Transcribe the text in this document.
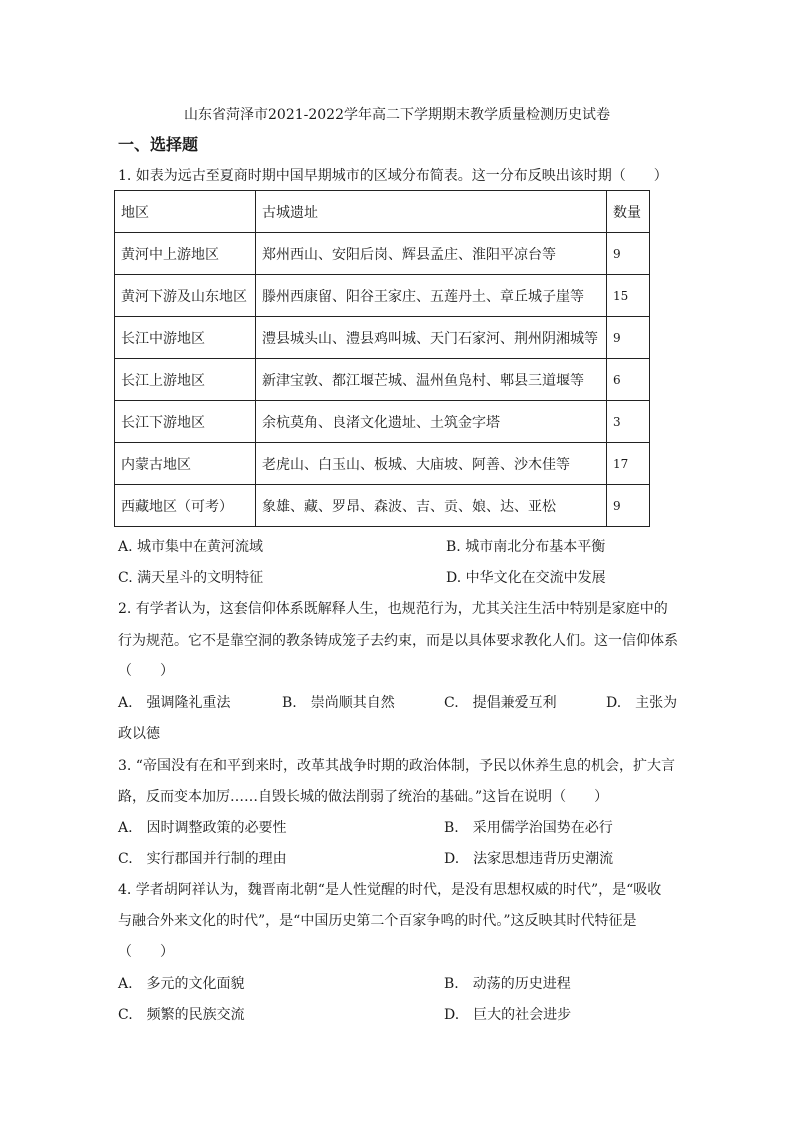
山东省菏泽市2021-2022学年高二下学期期末教学质量检测历史试卷
一、选择题
1. 如表为远古至夏商时期中国早期城市的区域分布简表。这一分布反映出该时期（　　）
地区	古城遗址	数量
黄河中上游地区	郑州西山、安阳后岗、辉县孟庄、淮阳平凉台等	9
黄河下游及山东地区	滕州西康留、阳谷王家庄、五莲丹土、章丘城子崖等	15
长江中游地区	澧县城头山、澧县鸡叫城、天门石家河、荆州阴湘城等	9
长江上游地区	新津宝敦、都江堰芒城、温州鱼凫村、郫县三道堰等	6
长江下游地区	余杭莫角、良渚文化遗址、土筑金字塔	3
内蒙古地区	老虎山、白玉山、板城、大庙坡、阿善、沙木佳等	17
西藏地区（可考）	象雄、藏、罗昂、森波、吉、贡、娘、达、亚松	9
A. 城市集中在黄河流域	B. 城市南北分布基本平衡
C. 满天星斗的文明特征	D. 中华文化在交流中发展
2. 有学者认为，这套信仰体系既解释人生，也规范行为，尤其关注生活中特别是家庭中的
行为规范。它不是靠空洞的教条铸成笼子去约束，而是以具体要求教化人们。这一信仰体系
（　　）
A.　强调隆礼重法	B.　崇尚顺其自然	C.　提倡兼爱互利	D.　主张为
政以德
3. “帝国没有在和平到来时，改革其战争时期的政治体制，予民以休养生息的机会，扩大言
路，反而变本加厉……自毁长城的做法削弱了统治的基础。”这旨在说明（　　）
A.　因时调整政策的必要性	B.　采用儒学治国势在必行
C.　实行郡国并行制的理由	D.　法家思想违背历史潮流
4. 学者胡阿祥认为，魏晋南北朝“是人性觉醒的时代，是没有思想权威的时代”，是“吸收
与融合外来文化的时代”，是“中国历史第二个百家争鸣的时代。”这反映其时代特征是
（　　）
A.　多元的文化面貌	B.　动荡的历史进程
C.　频繁的民族交流	D.　巨大的社会进步
